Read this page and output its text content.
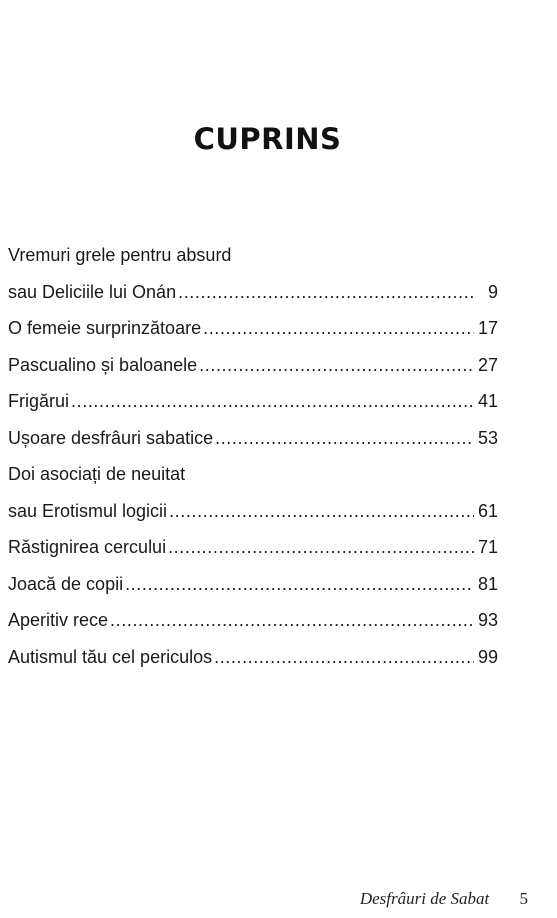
CUPRINS
Vremuri grele pentru absurd
sau Deliciile lui Onán .....	9
O femeie surprinzătoare .....	17
Pascualino și baloanele .....	27
Frigărui .....	41
Ușoare desfrâuri sabatice .....	53
Doi asociați de neuitat
sau Erotismul logicii .....	61
Răstignirea cercului .....	71
Joacă de copii .....	81
Aperitiv rece .....	93
Autismul tău cel periculos .....	99
Desfrâuri de Sabat 5
